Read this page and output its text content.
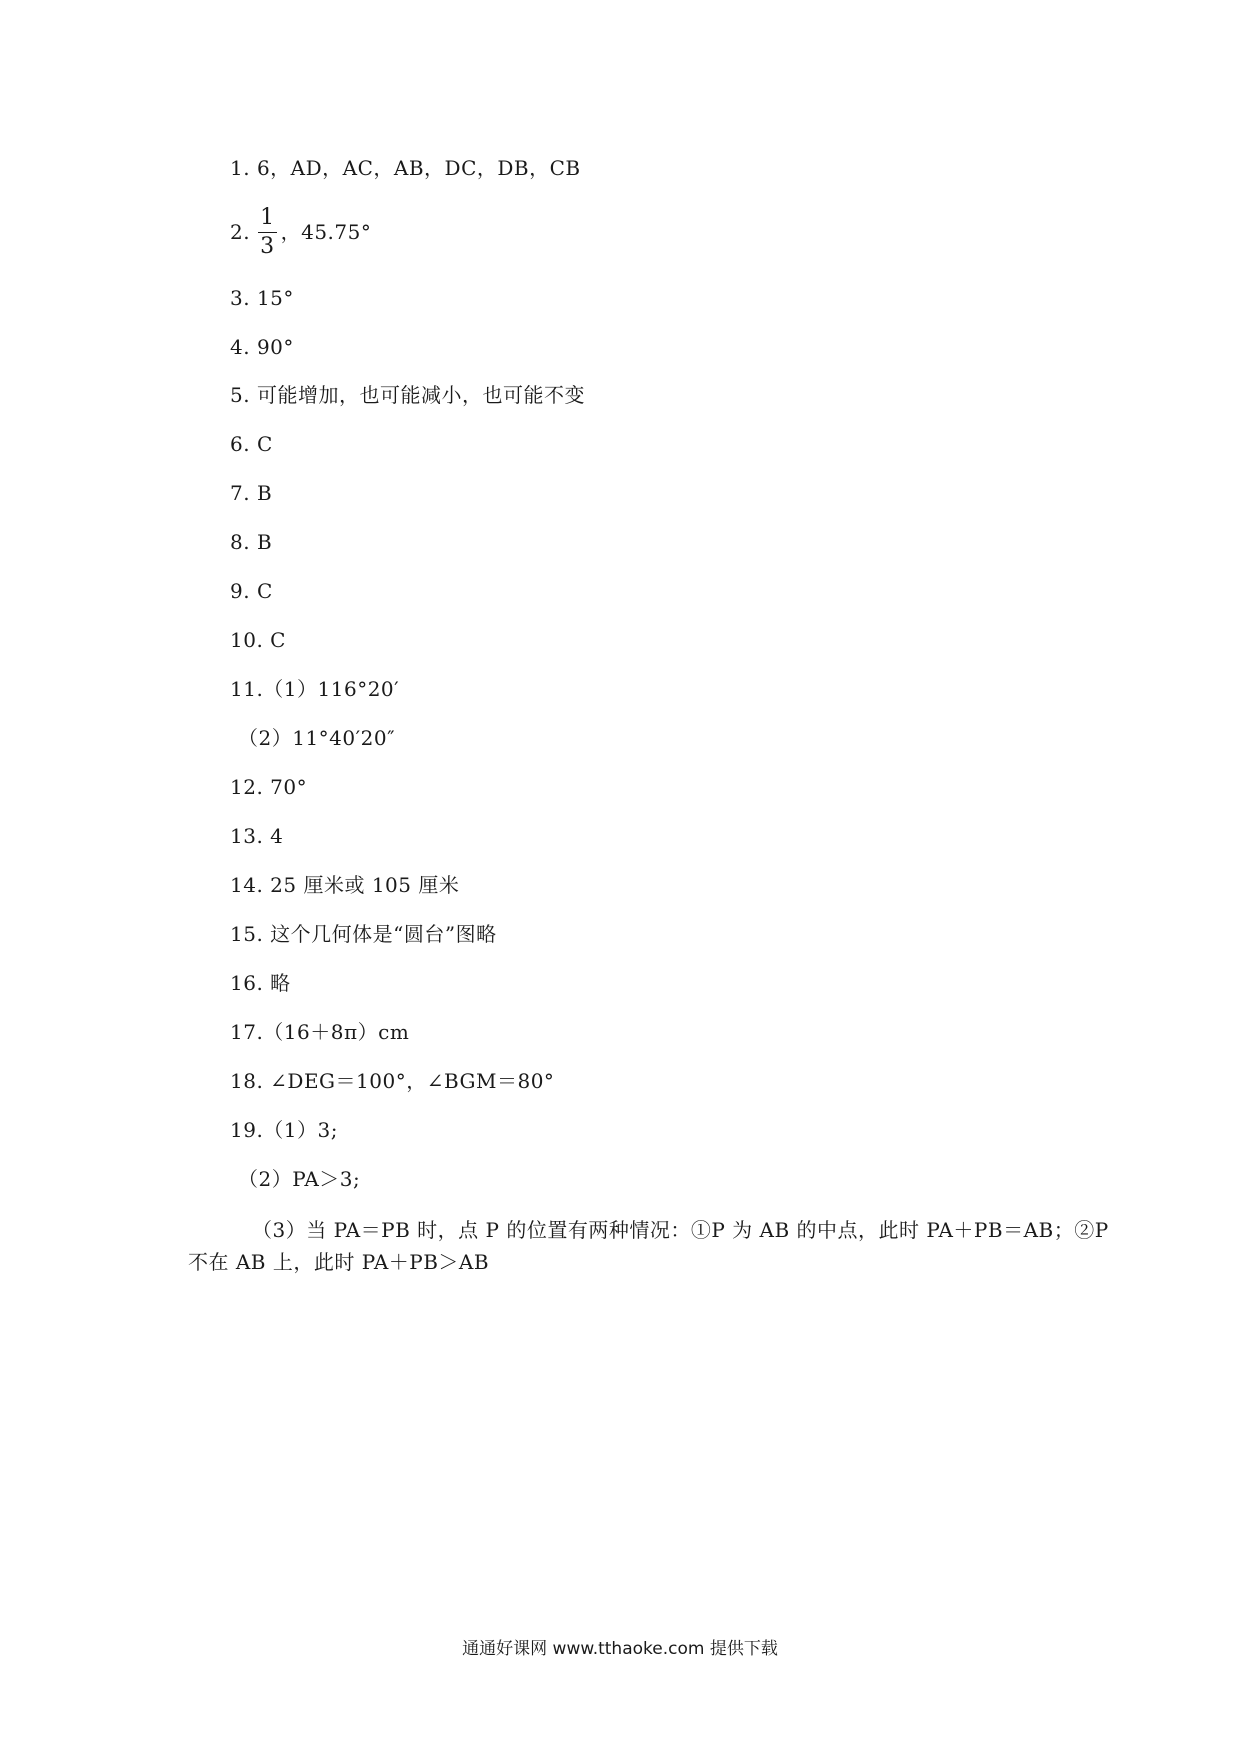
1. 6，AD，AC，AB，DC，DB，CB
2. $\frac{1}{3}$ ，45.75°
3. 15°
4. 90°
5. 可能增加，也可能减小，也可能不变
6. C
7. B
8. B
9. C
10. C
11.（1）116°20′
（2）11°40′20″
12. 70°
13. 4
14. 25 厘米或 105 厘米
15. 这个几何体是“圆台”图略
16. 略
17.（16＋8π）cm
18. ∠DEG＝100°，∠BGM＝80°
19.（1）3;
（2）PA＞3;
（3）当 PA＝PB 时，点 P 的位置有两种情况：①P 为 AB 的中点，此时 PA＋PB＝AB；②P
不在 AB 上，此时 PA＋PB＞AB
通通好课网 www.tthaoke.com 提供下载
